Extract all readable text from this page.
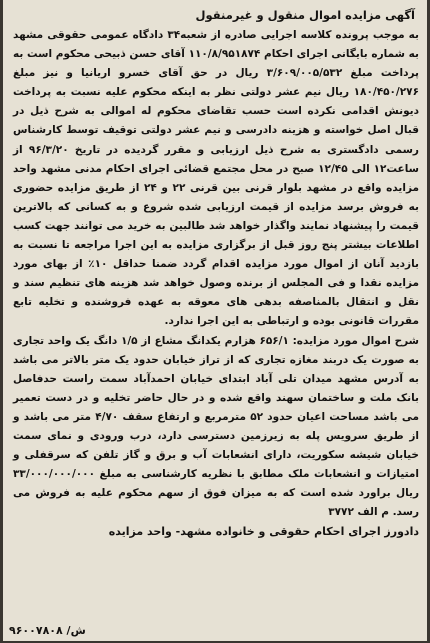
آگهی مزایده اموال منقول و غیرمنقول

به موجب پرونده کلاسه اجرایی صادره از شعبه۳۴ دادگاه عمومی حقوقی مشهد به شماره بایگانی اجرای احکام ۱۱۰/۸/۹۵۱۸۷۴ آقای حسن ذبیحی محکوم است به پرداخت مبلغ ۳/۶۰۹/۰۰۵/۵۳۲ ریال در حق آقای خسرو اریانیا و نیز مبلغ ۱۸۰/۴۵۰/۲۷۶ ریال نیم عشر دولتی نظر به اینکه محکوم علیه نسبت به پرداخت دیونش اقدامی نکرده است حسب تقاضای محکوم له اموالی به شرح ذیل در قبال اصل خواسته و هزینه دادرسی و نیم عشر دولتی توقیف توسط کارشناس رسمی دادگستری به شرح ذیل ارزیابی و مقرر گردیده در تاریخ ۹۶/۳/۲۰ از ساعت۱۲ الی ۱۲/۴۵ صبح در محل مجتمع قضائی اجرای احکام مدنی مشهد واحد مزایده واقع در مشهد بلوار قرنی بین قرنی ۲۲ و ۲۴ از طریق مزایده حضوری به فروش برسد مزایده از قیمت ارزیابی شده شروع و به کسانی که بالاترین قیمت را پیشنهاد نمایند واگذار خواهد شد طالبین به خرید می توانند جهت کسب اطلاعات بیشتر پنج روز قبل از برگزاری مزایده به این اجرا مراجعه تا نسبت به بازدید آنان از اموال مورد مزایده اقدام گردد ضمنا حداقل ۱۰٪ از بهای مورد مزایده نقدا و فی المجلس از برنده وصول خواهد شد هزینه های تنظیم سند و نقل و انتقال بالمناصفه بدهی های معوقه به عهده فروشنده و تخلیه تابع مقررات قانونی بوده و ارتباطی به این اجرا ندارد.

شرح اموال مورد مزایده: ۶۵۶/۱ هزارم یکدانگ مشاع از ۱/۵ دانگ یک واحد تجاری به صورت یک دربند مغازه تجاری که از تراز خیابان حدود یک متر بالاتر می باشد به آدرس مشهد میدان تلی آباد ابتدای خیابان احمدآباد سمت راست حدفاصل بانک ملت و ساختمان سهند واقع شده و در حال حاضر تخلیه و در دست تعمیر می باشد مساحت اعیان حدود ۵۲ مترمربع و ارتفاع سقف ۴/۷۰ متر می باشد و از طریق سرویس پله به زیرزمین دسترسی دارد، درب ورودی و نمای سمت خیابان شیشه سکوریت، دارای انشعابات آب و برق و گاز تلفن که سرقفلی و امتیازات و انشعابات ملک مطابق با نظریه کارشناسی به مبلغ ۳۳/۰۰۰/۰۰۰/۰۰۰ ریال براورد شده است که به میزان فوق از سهم محکوم علیه به فروش می رسد. م الف ۳۷۷۲

دادورز اجرای احکام حقوقی و خانواده مشهد- واحد مزایده

۹۶۰۰۷۸۰۸ /ش
